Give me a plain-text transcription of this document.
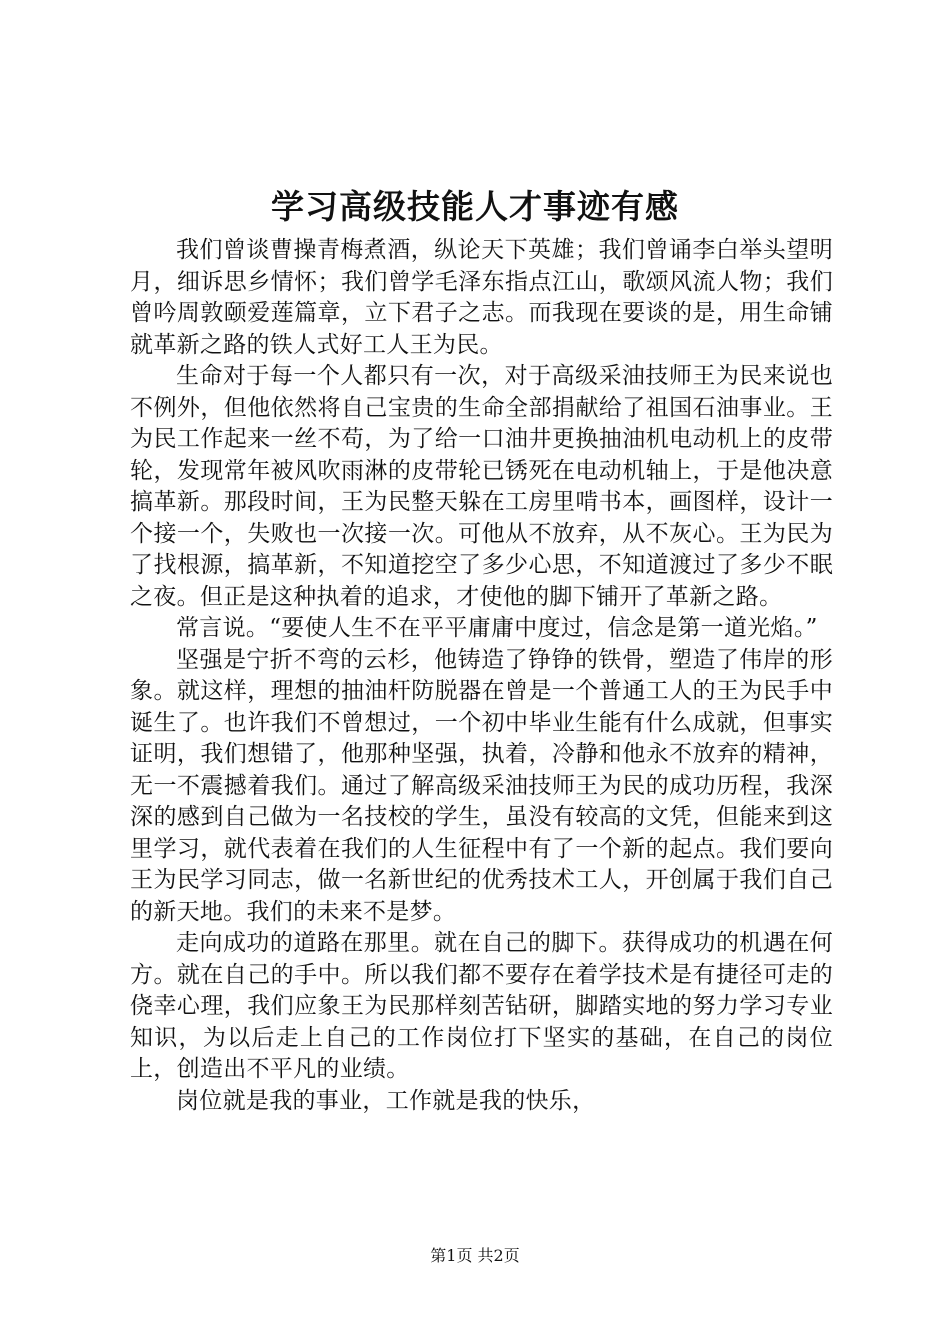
学习高级技能人才事迹有感

我们曾谈曹操青梅煮酒，纵论天下英雄；我们曾诵李白举头望明月，细诉思乡情怀；我们曾学毛泽东指点江山，歌颂风流人物；我们曾吟周敦颐爱莲篇章，立下君子之志。而我现在要谈的是，用生命铺就革新之路的铁人式好工人王为民。

生命对于每一个人都只有一次，对于高级采油技师王为民来说也不例外，但他依然将自己宝贵的生命全部捐献给了祖国石油事业。王为民工作起来一丝不苟，为了给一口油井更换抽油机电动机上的皮带轮，发现常年被风吹雨淋的皮带轮已锈死在电动机轴上，于是他决意搞革新。那段时间，王为民整天躲在工房里啃书本，画图样，设计一个接一个，失败也一次接一次。可他从不放弃，从不灰心。王为民为了找根源，搞革新，不知道挖空了多少心思，不知道渡过了多少不眠之夜。但正是这种执着的追求，才使他的脚下铺开了革新之路。

常言说。“要使人生不在平平庸庸中度过，信念是第一道光焰。”

坚强是宁折不弯的云杉，他铸造了铮铮的铁骨，塑造了伟岸的形象。就这样，理想的抽油杆防脱器在曾是一个普通工人的王为民手中诞生了。也许我们不曾想过，一个初中毕业生能有什么成就，但事实证明，我们想错了，他那种坚强，执着，冷静和他永不放弃的精神，无一不震撼着我们。通过了解高级采油技师王为民的成功历程，我深深的感到自己做为一名技校的学生，虽没有较高的文凭，但能来到这里学习，就代表着在我们的人生征程中有了一个新的起点。我们要向王为民学习同志，做一名新世纪的优秀技术工人，开创属于我们自己的新天地。我们的未来不是梦。

走向成功的道路在那里。就在自己的脚下。获得成功的机遇在何方。就在自己的手中。所以我们都不要存在着学技术是有捷径可走的侥幸心理，我们应象王为民那样刻苦钻研，脚踏实地的努力学习专业知识，为以后走上自己的工作岗位打下坚实的基础，在自己的岗位上，创造出不平凡的业绩。

岗位就是我的事业，工作就是我的快乐，

第1页 共2页
